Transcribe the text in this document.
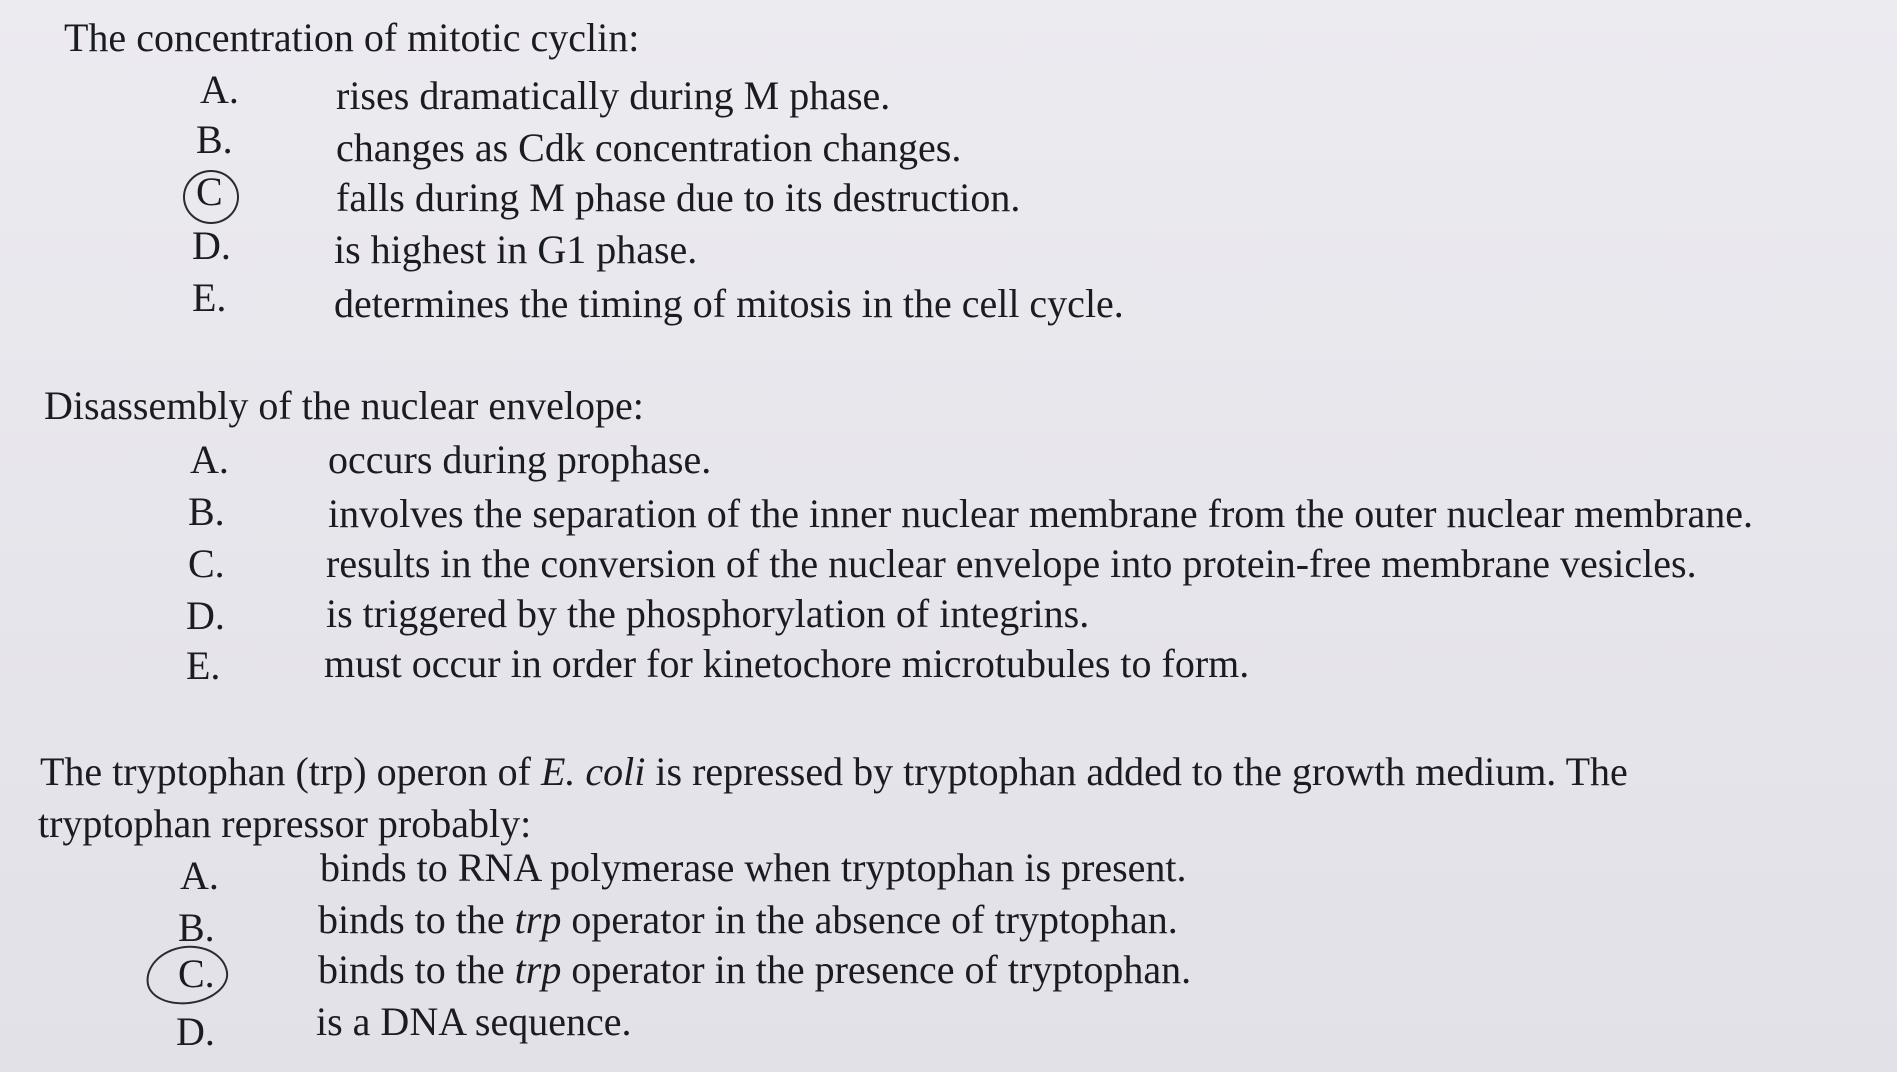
The concentration of mitotic cyclin:
A. rises dramatically during M phase.
B.	changes as Cdk concentration changes.
C	falls during M phase due to its destruction.
D.	is highest in G1 phase.
E.	determines the timing of mitosis in the cell cycle.
Disassembly of the nuclear envelope:
A. occurs during prophase.
B.	involves the separation of the inner nuclear membrane from the outer nuclear membrane.
C.	results in the conversion of the nuclear envelope into protein-free membrane vesicles.
D.	is triggered by the phosphorylation of integrins.
E.	must occur in order for kinetochore microtubules to form.
The tryptophan (trp) operon of E. coli is repressed by tryptophan added to the growth medium. The
tryptophan repressor probably:
A.	binds to RNA polymerase when tryptophan is present.
B.	binds to the trp operator in the absence of tryptophan.
C.	binds to the trp operator in the presence of tryptophan.
D.	is a DNA sequence.
